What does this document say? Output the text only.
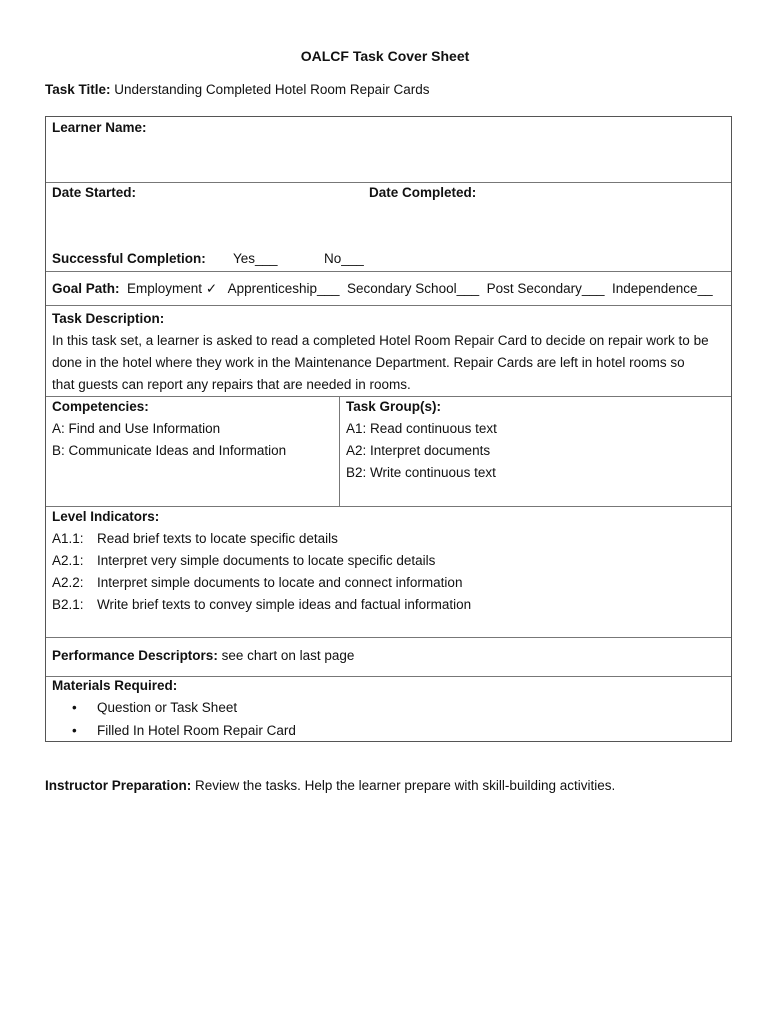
OALCF Task Cover Sheet
Task Title: Understanding Completed Hotel Room Repair Cards
Learner Name:
Date Started:	Date Completed:
Successful Completion: Yes___	No___
Goal Path: Employment ✓ Apprenticeship___ Secondary School___ Post Secondary___ Independence__
Task Description:
In this task set, a learner is asked to read a completed Hotel Room Repair Card to decide on repair work to be
done in the hotel where they work in the Maintenance Department. Repair Cards are left in hotel rooms so
that guests can report any repairs that are needed in rooms.
Competencies:
A: Find and Use Information
B: Communicate Ideas and Information
Task Group(s):
A1: Read continuous text
A2: Interpret documents
B2: Write continuous text
Level Indicators:
A1.1: Read brief texts to locate specific details
A2.1: Interpret very simple documents to locate specific details
A2.2: Interpret simple documents to locate and connect information
B2.1: Write brief texts to convey simple ideas and factual information
Performance Descriptors: see chart on last page
Materials Required:
• Question or Task Sheet
• Filled In Hotel Room Repair Card
Instructor Preparation: Review the tasks. Help the learner prepare with skill-building activities.
